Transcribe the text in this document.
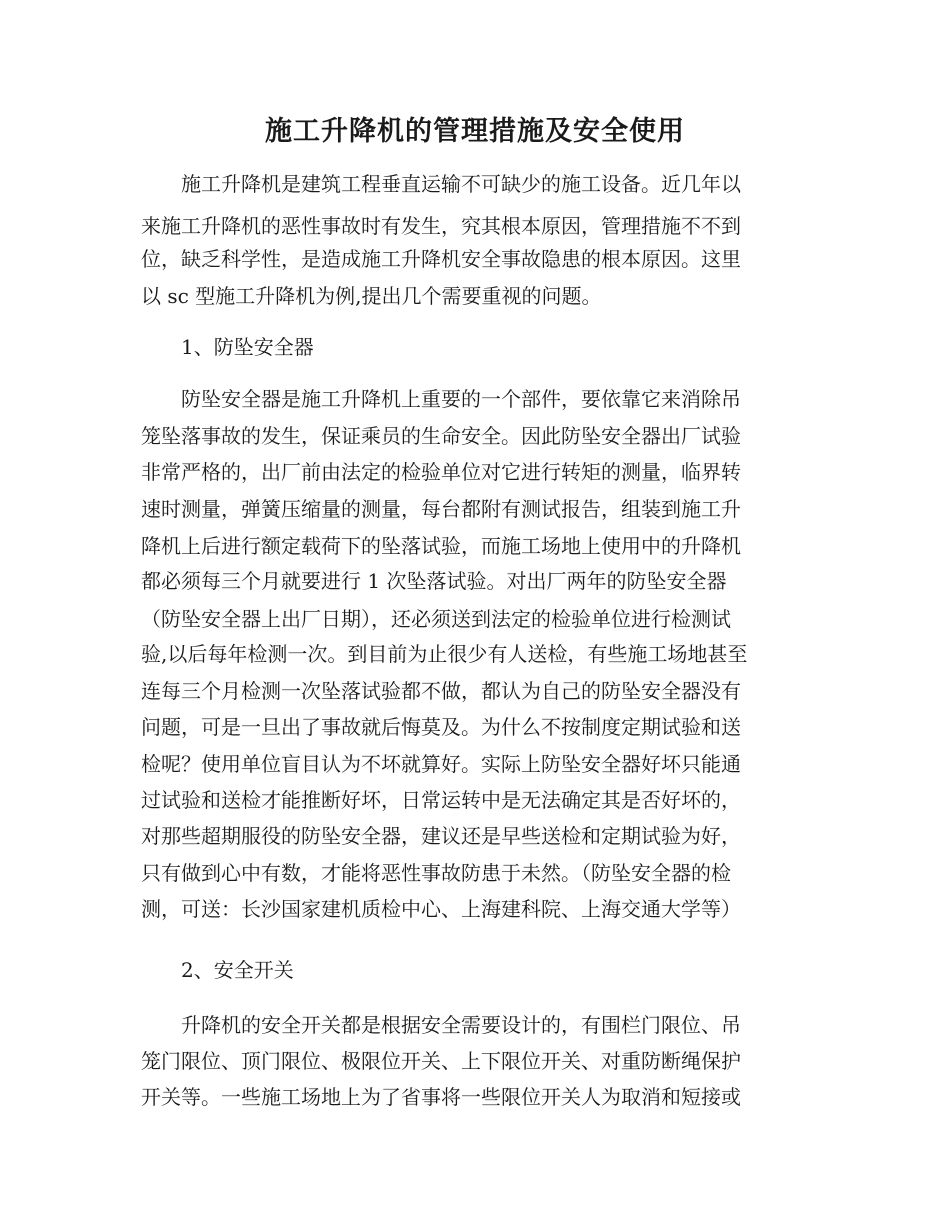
施工升降机的管理措施及安全使用
　　施工升降机是建筑工程垂直运输不可缺少的施工设备。近几年以
来施工升降机的恶性事故时有发生，究其根本原因，管理措施不不到
位，缺乏科学性，是造成施工升降机安全事故隐患的根本原因。这里
以 sc 型施工升降机为例,提出几个需要重视的问题。
　　1、防坠安全器
　　防坠安全器是施工升降机上重要的一个部件，要依靠它来消除吊
笼坠落事故的发生，保证乘员的生命安全。因此防坠安全器出厂试验
非常严格的，出厂前由法定的检验单位对它进行转矩的测量，临界转
速时测量，弹簧压缩量的测量，每台都附有测试报告，组装到施工升
降机上后进行额定载荷下的坠落试验，而施工场地上使用中的升降机
都必须每三个月就要进行 1 次坠落试验。对出厂两年的防坠安全器
（防坠安全器上出厂日期），还必须送到法定的检验单位进行检测试
验,以后每年检测一次。到目前为止很少有人送检，有些施工场地甚至
连每三个月检测一次坠落试验都不做，都认为自己的防坠安全器没有
问题，可是一旦出了事故就后悔莫及。为什么不按制度定期试验和送
检呢？使用单位盲目认为不坏就算好。实际上防坠安全器好坏只能通
过试验和送检才能推断好坏，日常运转中是无法确定其是否好坏的，
对那些超期服役的防坠安全器，建议还是早些送检和定期试验为好，
只有做到心中有数，才能将恶性事故防患于未然。（防坠安全器的检
测，可送：长沙国家建机质检中心、上海建科院、上海交通大学等）
　　2、安全开关
　　升降机的安全开关都是根据安全需要设计的，有围栏门限位、吊
笼门限位、顶门限位、极限位开关、上下限位开关、对重防断绳保护
开关等。一些施工场地上为了省事将一些限位开关人为取消和短接或
